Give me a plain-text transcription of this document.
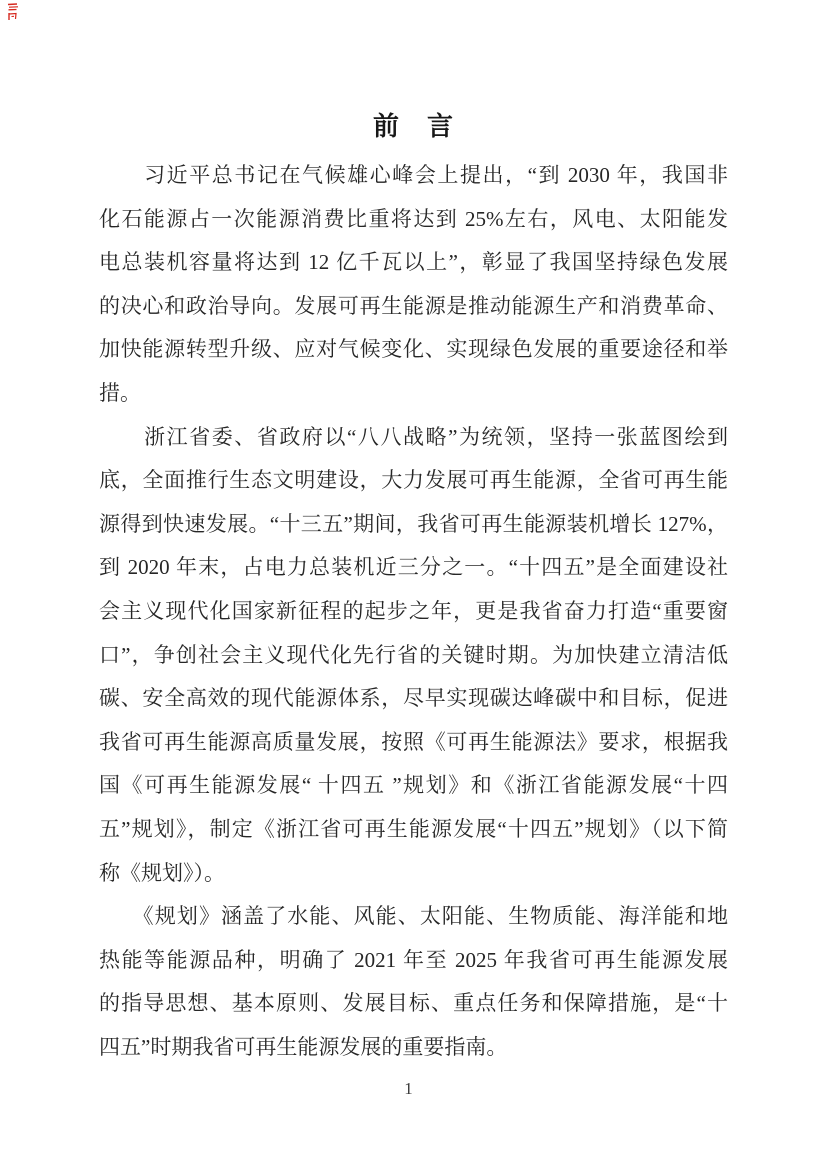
前　言
　　习近平总书记在气候雄心峰会上提出，“到 2030 年，我国非
化石能源占一次能源消费比重将达到 25%左右，风电、太阳能发
电总装机容量将达到 12 亿千瓦以上”，彰显了我国坚持绿色发展
的决心和政治导向。发展可再生能源是推动能源生产和消费革命、
加快能源转型升级、应对气候变化、实现绿色发展的重要途径和举
措。
　　浙江省委、省政府以“八八战略”为统领，坚持一张蓝图绘到
底，全面推行生态文明建设，大力发展可再生能源，全省可再生能
源得到快速发展。“十三五”期间，我省可再生能源装机增长 127%，
到 2020 年末，占电力总装机近三分之一。“十四五”是全面建设社
会主义现代化国家新征程的起步之年，更是我省奋力打造“重要窗
口”，争创社会主义现代化先行省的关键时期。为加快建立清洁低
碳、安全高效的现代能源体系，尽早实现碳达峰碳中和目标，促进
我省可再生能源高质量发展，按照《可再生能源法》要求，根据我
国《可再生能源发展“ 十四五 ”规划》和《浙江省能源发展“十四
五”规划》，制定《浙江省可再生能源发展“十四五”规划》（以下简
称《规划》）。
　　《规划》涵盖了水能、风能、太阳能、生物质能、海洋能和地
热能等能源品种，明确了 2021 年至 2025 年我省可再生能源发展
的指导思想、基本原则、发展目标、重点任务和保障措施，是“十
四五”时期我省可再生能源发展的重要指南。
1
